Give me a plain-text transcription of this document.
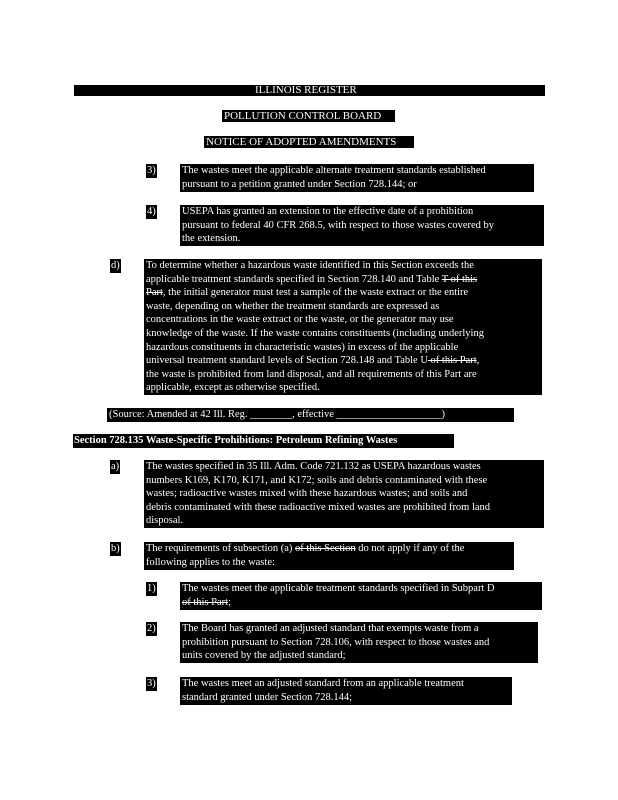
ILLINOIS REGISTER
POLLUTION CONTROL BOARD
NOTICE OF ADOPTED AMENDMENTS
3)	The wastes meet the applicable alternate treatment standards established
pursuant to a petition granted under Section 728.144; or
4)	USEPA has granted an extension to the effective date of a prohibition
pursuant to federal 40 CFR 268.5, with respect to those wastes covered by
the extension.
d)	To determine whether a hazardous waste identified in this Section exceeds the
applicable treatment standards specified in Section 728.140 and Table T of this
Part, the initial generator must test a sample of the waste extract or the entire
waste, depending on whether the treatment standards are expressed as
concentrations in the waste extract or the waste, or the generator may use
knowledge of the waste. If the waste contains constituents (including underlying
hazardous constituents in characteristic wastes) in excess of the applicable
universal treatment standard levels of Section 728.148 and Table U of this Part,
the waste is prohibited from land disposal, and all requirements of this Part are
applicable, except as otherwise specified.
(Source: Amended at 42 Ill. Reg. ________, effective ____________________)
Section 728.135 Waste-Specific Prohibitions: Petroleum Refining Wastes
a)	The wastes specified in 35 Ill. Adm. Code 721.132 as USEPA hazardous wastes
numbers K169, K170, K171, and K172; soils and debris contaminated with these
wastes; radioactive wastes mixed with these hazardous wastes; and soils and
debris contaminated with these radioactive mixed wastes are prohibited from land
disposal.
b)	The requirements of subsection (a) of this Section do not apply if any of the
following applies to the waste:
1)	The wastes meet the applicable treatment standards specified in Subpart D
of this Part;
2)	The Board has granted an adjusted standard that exempts waste from a
prohibition pursuant to Section 728.106, with respect to those wastes and
units covered by the adjusted standard;
3)	The wastes meet an adjusted standard from an applicable treatment
standard granted under Section 728.144;
